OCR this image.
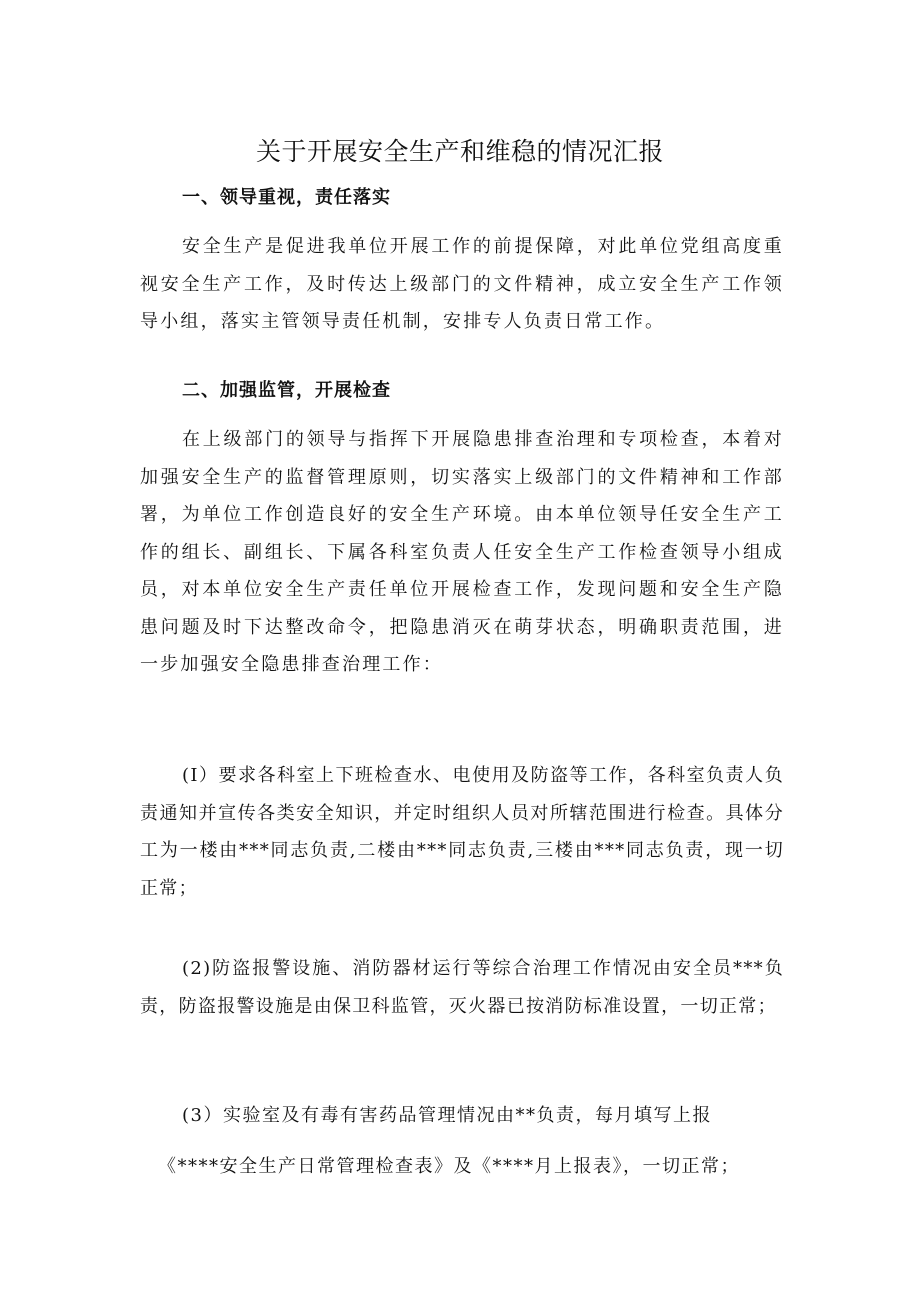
关于开展安全生产和维稳的情况汇报
一、领导重视，责任落实
安全生产是促进我单位开展工作的前提保障，对此单位党组高度重视安全生产工作，及时传达上级部门的文件精神，成立安全生产工作领导小组，落实主管领导责任机制，安排专人负责日常工作。
二、加强监管，开展检查
在上级部门的领导与指挥下开展隐患排查治理和专项检查，本着对加强安全生产的监督管理原则，切实落实上级部门的文件精神和工作部署，为单位工作创造良好的安全生产环境。由本单位领导任安全生产工作的组长、副组长、下属各科室负责人任安全生产工作检查领导小组成员，对本单位安全生产责任单位开展检查工作，发现问题和安全生产隐患问题及时下达整改命令，把隐患消灭在萌芽状态，明确职责范围，进一步加强安全隐患排查治理工作：
(I）要求各科室上下班检查水、电使用及防盗等工作，各科室负责人负责通知并宣传各类安全知识，并定时组织人员对所辖范围进行检查。具体分工为一楼由***同志负责,二楼由***同志负责,三楼由***同志负责，现一切正常；
(2)防盗报警设施、消防器材运行等综合治理工作情况由安全员***负责，防盗报警设施是由保卫科监管，灭火器已按消防标准设置，一切正常；
(3）实验室及有毒有害药品管理情况由**负责，每月填写上报
《****安全生产日常管理检查表》及《****月上报表》，一切正常；
